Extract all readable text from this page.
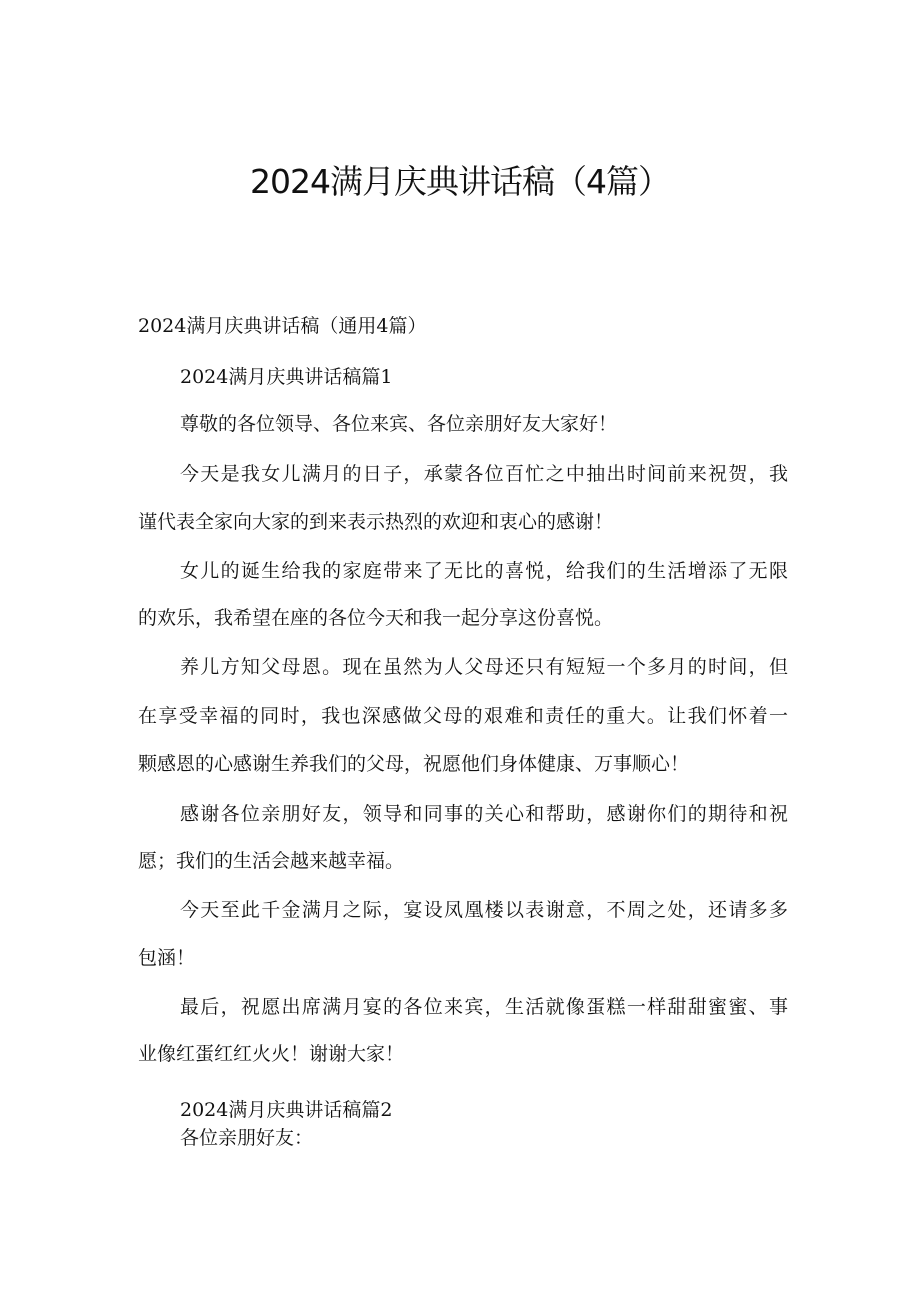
2024满月庆典讲话稿（4篇）

2024满月庆典讲话稿（通用4篇）

2024满月庆典讲话稿篇1

尊敬的各位领导、各位来宾、各位亲朋好友大家好！

今天是我女儿满月的日子，承蒙各位百忙之中抽出时间前来祝贺，我

谨代表全家向大家的到来表示热烈的欢迎和衷心的感谢！

女儿的诞生给我的家庭带来了无比的喜悦，给我们的生活增添了无限

的欢乐，我希望在座的各位今天和我一起分享这份喜悦。

养儿方知父母恩。现在虽然为人父母还只有短短一个多月的时间，但

在享受幸福的同时，我也深感做父母的艰难和责任的重大。让我们怀着一

颗感恩的心感谢生养我们的父母，祝愿他们身体健康、万事顺心！

感谢各位亲朋好友，领导和同事的关心和帮助，感谢你们的期待和祝

愿；我们的生活会越来越幸福。

今天至此千金满月之际，宴设凤凰楼以表谢意，不周之处，还请多多

包涵！

最后，祝愿出席满月宴的各位来宾，生活就像蛋糕一样甜甜蜜蜜、事

业像红蛋红红火火！谢谢大家！

2024满月庆典讲话稿篇2

各位亲朋好友：
